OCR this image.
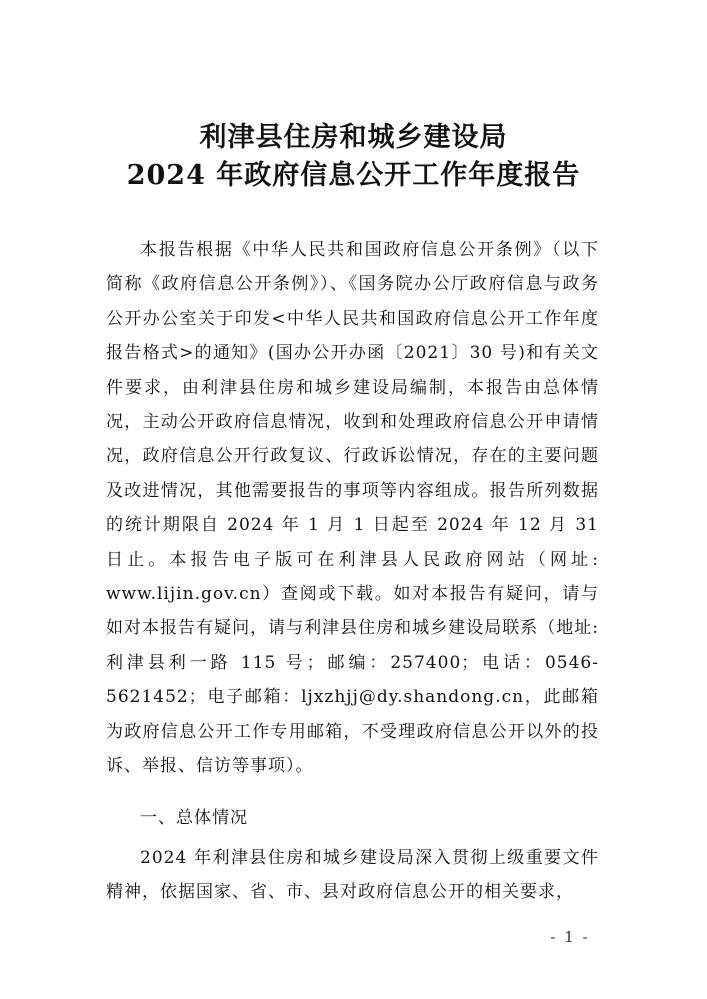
利津县住房和城乡建设局
2024 年政府信息公开工作年度报告
本报告根据《中华人民共和国政府信息公开条例》（以下简称《政府信息公开条例》）、《国务院办公厅政府信息与政务公开办公室关于印发<中华人民共和国政府信息公开工作年度报告格式>的通知》(国办公开办函〔2021〕30 号)和有关文件要求，由利津县住房和城乡建设局编制，本报告由总体情况，主动公开政府信息情况，收到和处理政府信息公开申请情况，政府信息公开行政复议、行政诉讼情况，存在的主要问题及改进情况，其他需要报告的事项等内容组成。报告所列数据的统计期限自 2024 年 1 月 1 日起至 2024 年 12 月 31 日止。本报告电子版可在利津县人民政府网站（网址: www.lijin.gov.cn）查阅或下载。如对本报告有疑问，请与如对本报告有疑问，请与利津县住房和城乡建设局联系（地址: 利津县利一路 115 号；邮编：257400；电话：0546-5621452；电子邮箱：ljxzhjj@dy.shandong.cn，此邮箱为政府信息公开工作专用邮箱，不受理政府信息公开以外的投诉、举报、信访等事项）。
一、总体情况
2024 年利津县住房和城乡建设局深入贯彻上级重要文件精神，依据国家、省、市、县对政府信息公开的相关要求，
- 1 -
